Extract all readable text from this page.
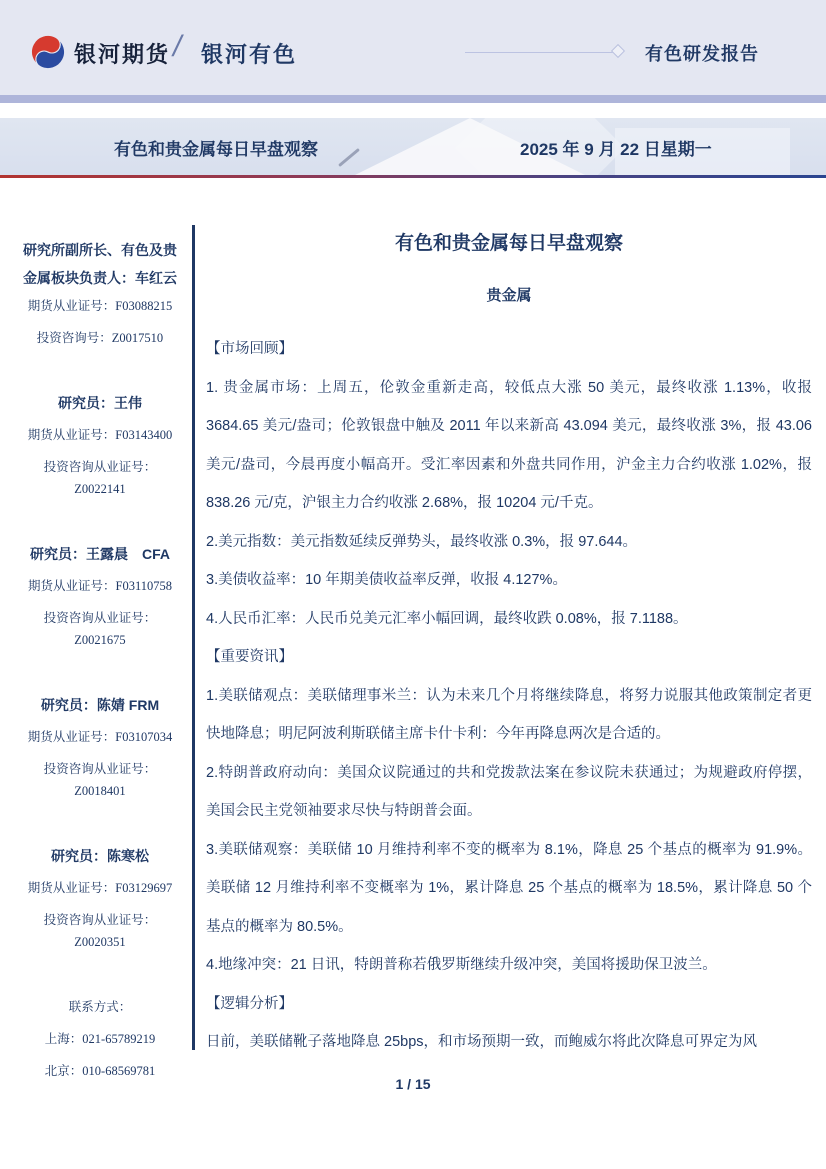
银河期货 / 银河有色	有色研发报告
有色和贵金属每日早盘观察	2025 年 9 月 22 日星期一
研究所副所长、有色及贵
金属板块负责人：车红云
期货从业证号：F03088215
投资咨询号：Z0017510
研究员：王伟
期货从业证号：F03143400
投资咨询从业证号：
Z0022141
研究员：王露晨　CFA
期货从业证号：F03110758
投资咨询从业证号：
Z0021675
研究员：陈婧 FRM
期货从业证号：F03107034
投资咨询从业证号：
Z0018401
研究员：陈寒松
期货从业证号：F03129697
投资咨询从业证号：
Z0020351
联系方式：
上海：021-65789219
北京：010-68569781
有色和贵金属每日早盘观察
贵金属

【市场回顾】

1. 贵金属市场：上周五，伦敦金重新走高，较低点大涨 50 美元，最终收涨 1.13%，收报 3684.65 美元/盎司；伦敦银盘中触及 2011 年以来新高 43.094 美元，最终收涨 3%，报 43.06 美元/盎司，今晨再度小幅高开。受汇率因素和外盘共同作用，沪金主力合约收涨 1.02%，报 838.26 元/克，沪银主力合约收涨 2.68%，报 10204 元/千克。

2.美元指数：美元指数延续反弹势头，最终收涨 0.3%，报 97.644。

3.美债收益率：10 年期美债收益率反弹，收报 4.127%。

4.人民币汇率：人民币兑美元汇率小幅回调，最终收跌 0.08%，报 7.1188。

【重要资讯】

1.美联储观点：美联储理事米兰：认为未来几个月将继续降息，将努力说服其他政策制定者更快地降息；明尼阿波利斯联储主席卡什卡利：今年再降息两次是合适的。

2.特朗普政府动向：美国众议院通过的共和党拨款法案在参议院未获通过；为规避政府停摆，美国会民主党领袖要求尽快与特朗普会面。

3.美联储观察：美联储 10 月维持利率不变的概率为 8.1%，降息 25 个基点的概率为 91.9%。美联储 12 月维持利率不变概率为 1%，累计降息 25 个基点的概率为 18.5%，累计降息 50 个基点的概率为 80.5%。

4.地缘冲突：21 日讯，特朗普称若俄罗斯继续升级冲突，美国将援助保卫波兰。

【逻辑分析】

日前，美联储靴子落地降息 25bps，和市场预期一致，而鲍威尔将此次降息可界定为风

1 / 15
